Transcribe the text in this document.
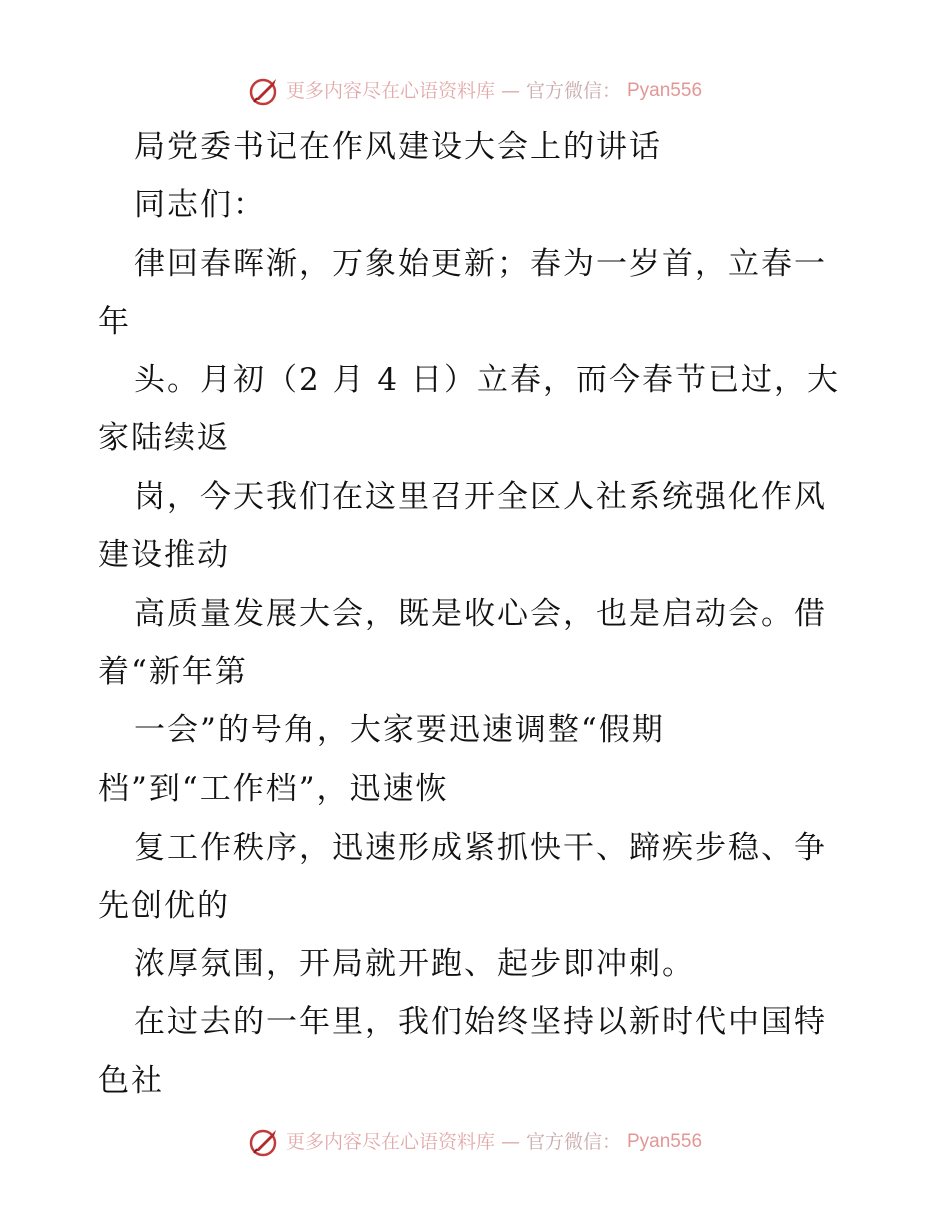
更多内容尽在心语资料库 — 官方微信： Pyan556
局党委书记在作风建设大会上的讲话
同志们：
律回春晖渐，万象始更新；春为一岁首，立春一
年
头。月初（2 月 4 日）立春，而今春节已过，大
家陆续返
岗，今天我们在这里召开全区人社系统强化作风
建设推动
高质量发展大会，既是收心会，也是启动会。借
着“新年第
一会”的号角，大家要迅速调整“假期
档”到“工作档”，迅速恢
复工作秩序，迅速形成紧抓快干、蹄疾步稳、争
先创优的
浓厚氛围，开局就开跑、起步即冲刺。
在过去的一年里，我们始终坚持以新时代中国特
色社
更多内容尽在心语资料库 — 官方微信： Pyan556
